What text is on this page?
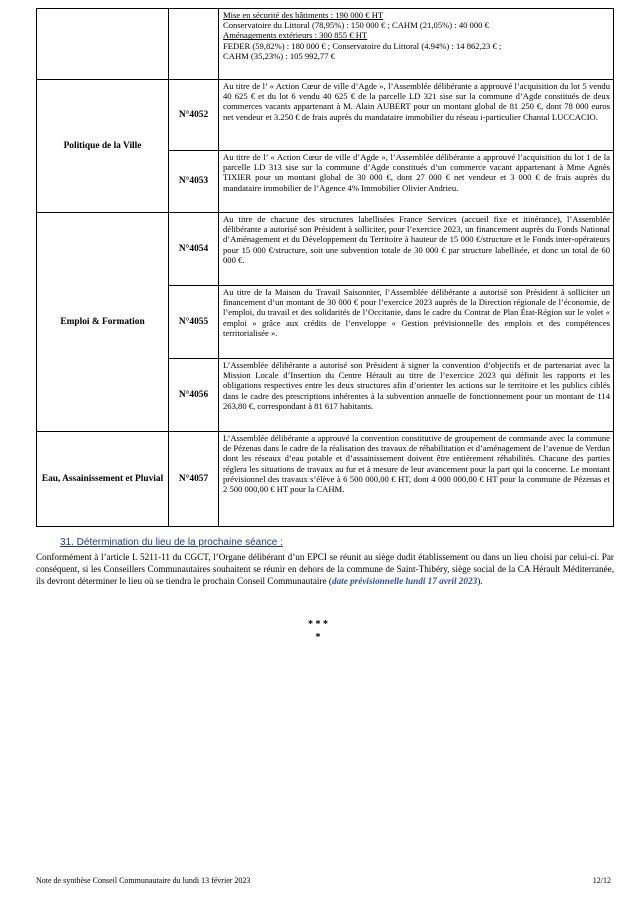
		Mise en sécurité des bâtiments : 190 000 € HT
Conservatoire du Littoral (78,95%) : 150 000 € ; CAHM (21,05%) : 40 000 €
Aménagements extérieurs : 300 855 € HT
FEDER (59,82%) : 180 000 € ; Conservatoire du Littoral (4.94%) : 14 862,23 € ;
CAHM (35,23%) : 105 992,77 €

Politique de la Ville	N°4052	Au titre de l’ « Action Cœur de ville d’Agde », l’Assemblée délibérante a approuvé l’acquisition du lot 5 vendu 40 625 € et du lot 6 vendu 40 625 € de la parcelle LD 321 sise sur la commune d’Agde constitués de deux commerces vacants appartenant à M. Alain AUBERT pour un montant global de 81 250 €, dont 78 000 euros net vendeur et 3.250 € de frais auprès du mandataire immobilier du réseau i-particulier Chantal LUCCACIO.
	N°4053	Au titre de l’ « Action Cœur de ville d’Agde », l’Assemblée délibérante a approuvé l’acquisition du lot 1 de la parcelle LD 313 sise sur la commune d’Agde constitués d’un commerce vacant appartenant à Mme Agnès TIXIER pour un montant global de 30 000 €, dont 27 000 € net vendeur et 3 000 € de frais auprès du mandataire immobilier de l’Agence 4% Immobilier Olivier Andrieu.
Emploi & Formation	N°4054	Au titre de chacune des structures labellisées France Services (accueil fixe et itinérance), l’Assemblée délibérante a autorisé son Président à solliciter, pour l’exercice 2023, un financement auprès du Fonds National d’Aménagement et du Développement du Territoire à hauteur de 15 000 €/structure et le Fonds inter-opérateurs pour 15 000 €/structure, soit une subvention totale de 30 000 € par structure labellisée, et donc un total de 60 000 €.
	N°4055	Au titre de la Maison du Travail Saisonnier, l’Assemblée délibérante a autorisé son Président à solliciter un financement d’un montant de 30 000 € pour l’exercice 2023 auprès de la Direction régionale de l’économie, de l’emploi, du travail et des solidarités de l’Occitanie, dans le cadre du Contrat de Plan État-Région sur le volet « emploi » grâce aux crédits de l’enveloppe « Gestion prévisionnelle des emplois et des compétences territorialisée ».
	N°4056	L’Assemblée délibérante a autorisé son Président à signer la convention d’objectifs et de partenariat avec la Mission Locale d’Insertion du Centre Hérault au titre de l’exercice 2023 qui définit les rapports et les obligations respectives entre les deux structures afin d’orienter les actions sur le territoire et les publics ciblés dans le cadre des prescriptions inhérentes à la subvention annuelle de fonctionnement pour un montant de 114 263,80 €, correspondant à 81 617 habitants.
Eau, Assainissement et Pluvial	N°4057	L’Assemblée délibérante a approuvé la convention constitutive de groupement de commande avec la commune de Pézenas dans le cadre de la réalisation des travaux de réhabilitation et d’aménagement de l’avenue de Verdun dont les réseaux d’eau potable et d’assainissement doivent être entièrement réhabilités. Chacune des parties réglera les situations de travaux au fur et à mesure de leur avancement pour la part qui la concerne. Le montant prévisionnel des travaux s’élève à 6 500 000,00 € HT, dont 4 000 000,00 € HT pour la commune de Pézenas et 2 500 000,00 € HT pour la CAHM.
31. Détermination du lieu de la prochaine séance :
Conformément à l’article L 5211-11 du CGCT, l’Organe délibérant d’un EPCI se réunit au siège dudit établissement ou dans un lieu choisi par celui-ci. Par conséquent, si les Conseillers Communautaires souhaitent se réunir en dehors de la commune de Saint-Thibéry, siège social de la CA Hérault Méditerranée, ils devront déterminer le lieu où se tiendra le prochain Conseil Communautaire (date prévisionnelle lundi 17 avril 2023).
* * *
*
Note de synthèse Conseil Communautaire du lundi 13 février 2023	12/12
